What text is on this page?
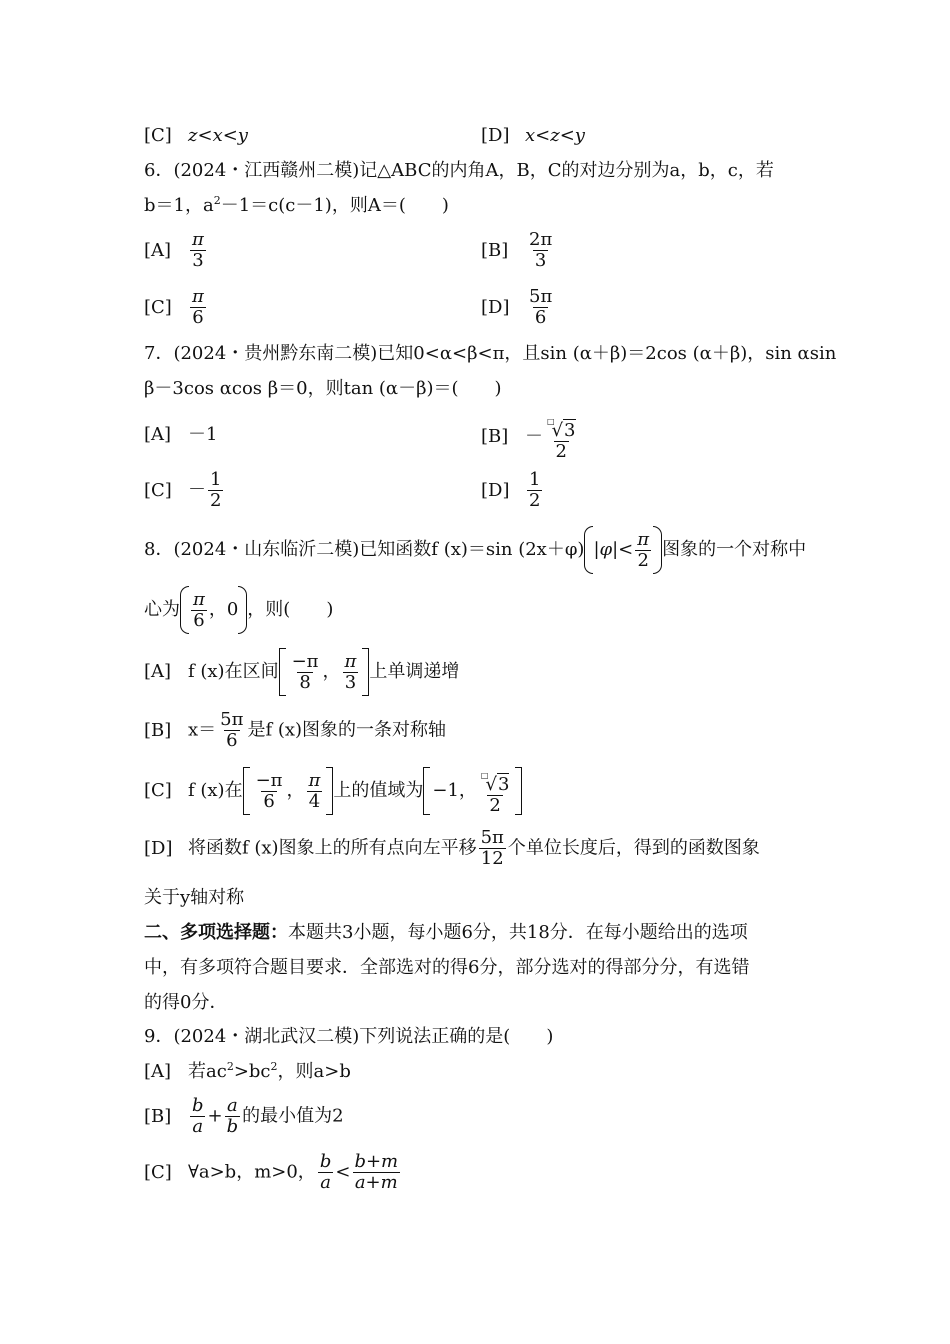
[C] z<x<y	[D] x<z<y
6．(2024・江西赣州二模)记△ABC的内角A，B，C的对边分别为a，b，c，若
b＝1，$a^2-1=c(c-1)$，则A＝(　　)
$[A] \frac{\pi}{3}$	$[B] \frac{2\pi}{3}$
$[C] \frac{\pi}{6}$	$[D] \frac{5\pi}{6}$
7．(2024・贵州黔东南二模)已知0<α<β<π，且sin (α＋β)＝2cos (α＋β)，sin αsin
β－3cos αcos β＝0，则tan (α－β)＝(　　)
[A] －1	$[B] - \frac{^□√3}{2}$
$[C] - \frac{1}{2}$	$[D] \frac{1}{2}$
8．(2024・山东临沂二模)已知函数f (x)＝sin (2x＋φ) $|\varphi|< \frac{\pi}{2}$ 图象的一个对称中
心为 $\frac{\pi}{6}$ ，0 ，则(　　)
[A] f (x)在区间 $\frac{-\pi}{8}$ ， $\frac{\pi}{3}$ 上单调递增
[B] $x= \frac{5\pi}{6}$ 是f (x)图象的一条对称轴
[C] f (x)在 $\frac{-\pi}{6}$ ， $\frac{\pi}{4}$ 上的值域为 −1， $\frac{^□√3}{2}$
[D] 将函数f (x)图象上的所有点向左平移 $\frac{5\pi}{12}$ 个单位长度后，得到的函数图象
关于y轴对称
二、多项选择题：本题共3小题，每小题6分，共18分．在每小题给出的选项
中，有多项符合题目要求．全部选对的得6分，部分选对的得部分分，有选错
的得0分．
9．(2024・湖北武汉二模)下列说法正确的是(　　)
[A] 若$ac^2>bc^2$，则a>b
$[B] \frac{b}{a} + \frac{a}{b}$ 的最小值为2
[C] ∀a>b，m>0， $\frac{b}{a} < \frac{b+m}{a+m}$
